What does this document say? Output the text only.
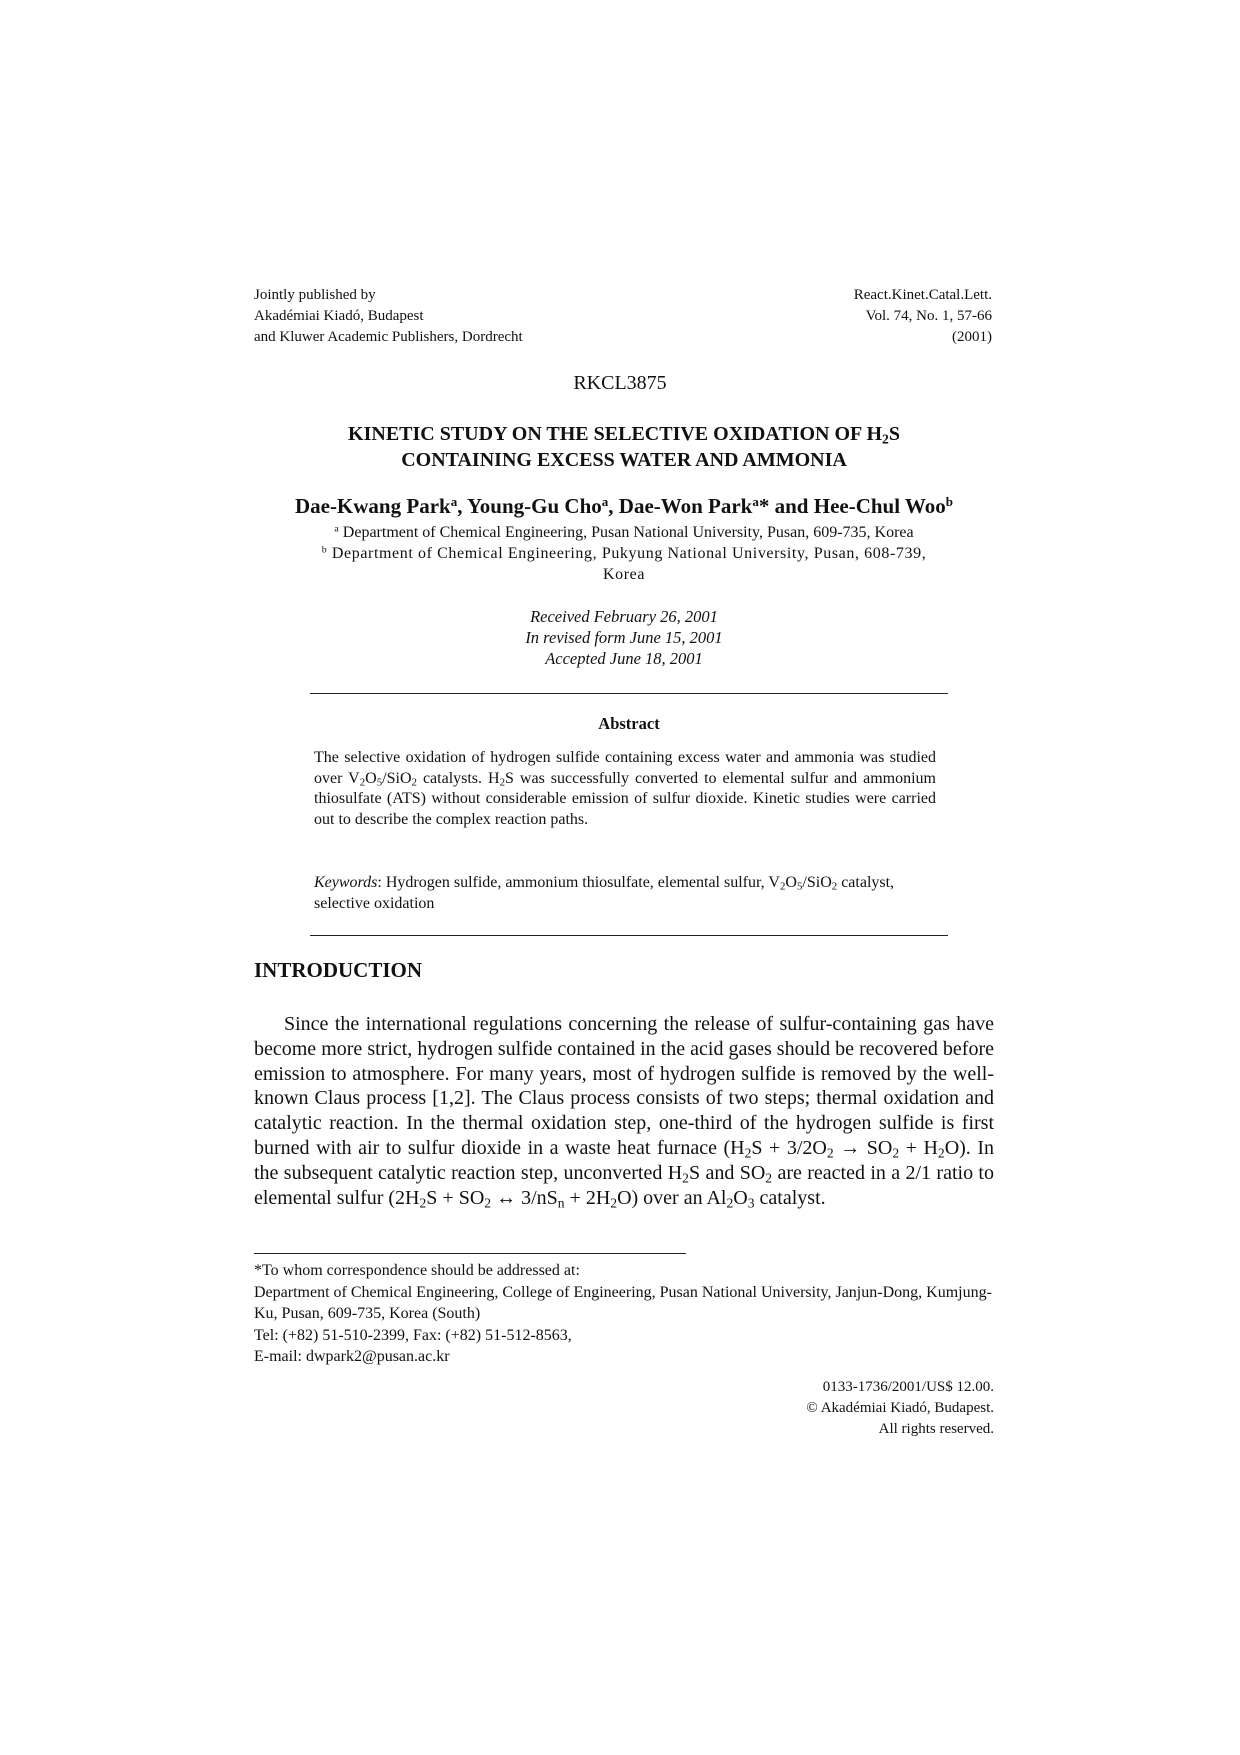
Jointly published by
Akadémiai Kiadó, Budapest
and Kluwer Academic Publishers, Dordrecht
React.Kinet.Catal.Lett.
Vol. 74, No. 1, 57-66
(2001)
RKCL3875
KINETIC STUDY ON THE SELECTIVE OXIDATION OF $H_2S$
CONTAINING EXCESS WATER AND AMMONIA
Dae-Kwang Park$^a$, Young-Gu Cho$^a$, Dae-Won Park$^a$* and Hee-Chul Woo$^b$
$^a$ Department of Chemical Engineering, Pusan National University, Pusan, 609-735, Korea
$^b$ Department of Chemical Engineering, Pukyung National University, Pusan, 608-739,
Korea
Received February 26, 2001
In revised form June 15, 2001
Accepted June 18, 2001
Abstract
The selective oxidation of hydrogen sulfide containing excess water and ammonia was studied over $V_2O_5/SiO_2$ catalysts. $H_2S$ was successfully converted to elemental sulfur and ammonium thiosulfate (ATS) without considerable emission of sulfur dioxide. Kinetic studies were carried out to describe the complex reaction paths.
Keywords: Hydrogen sulfide, ammonium thiosulfate, elemental sulfur, $V_2O_5/SiO_2$ catalyst, selective oxidation
INTRODUCTION
Since the international regulations concerning the release of sulfur-containing gas have become more strict, hydrogen sulfide contained in the acid gases should be recovered before emission to atmosphere. For many years, most of hydrogen sulfide is removed by the well-known Claus process [1,2]. The Claus process consists of two steps; thermal oxidation and catalytic reaction. In the thermal oxidation step, one-third of the hydrogen sulfide is first burned with air to sulfur dioxide in a waste heat furnace $(H_2S + 3/2O_2 \to SO_2 + H_2O)$. In the subsequent catalytic reaction step, unconverted $H_2S$ and $SO_2$ are reacted in a 2/1 ratio to elemental sulfur ($2H_2S + SO_2$ ↔ $3/nS_n + 2H_2O$) over an $Al_2O_3$ catalyst.
*To whom correspondence should be addressed at:
Department of Chemical Engineering, College of Engineering, Pusan National University, Janjun-Dong, Kumjung-Ku, Pusan, 609-735, Korea (South)
Tel: (+82) 51-510-2399, Fax: (+82) 51-512-8563,
E-mail: dwpark2@pusan.ac.kr
0133-1736/2001/US$ 12.00.
© Akadémiai Kiadó, Budapest.
All rights reserved.
